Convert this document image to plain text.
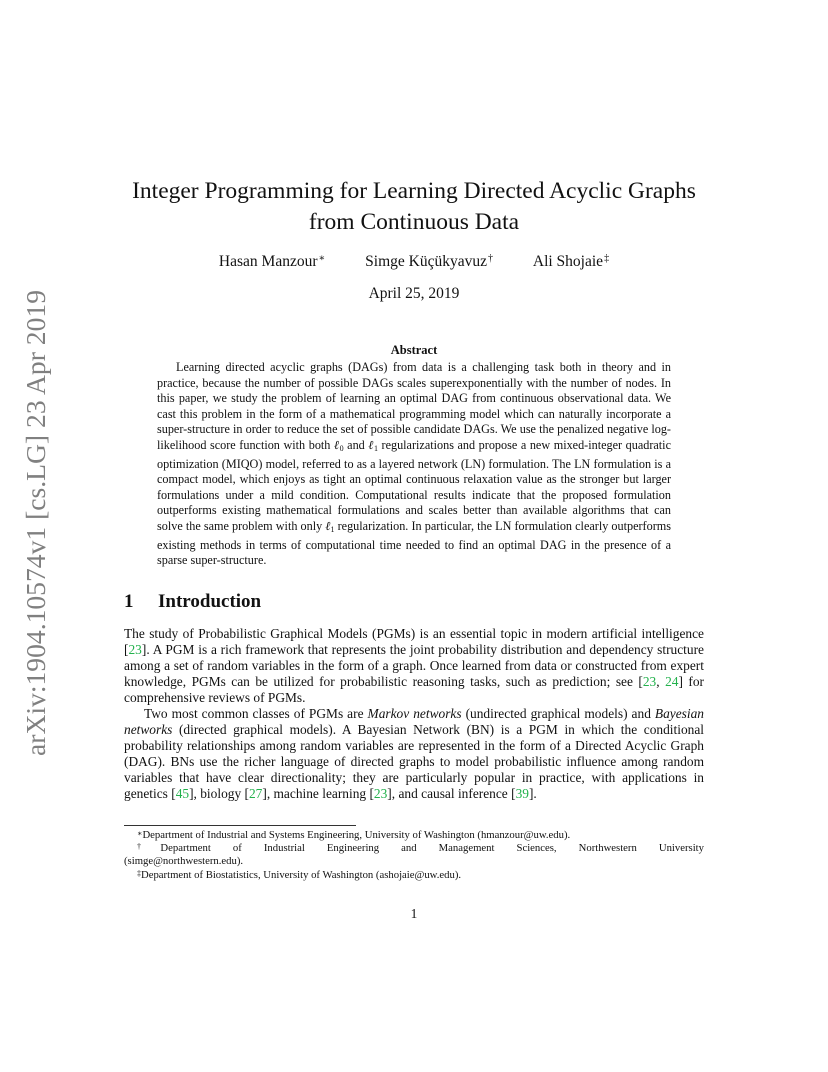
arXiv:1904.10574v1 [cs.LG] 23 Apr 2019
Integer Programming for Learning Directed Acyclic Graphs
from Continuous Data
Hasan Manzour∗	Simge Küçükyavuz†	Ali Shojaie‡
April 25, 2019
Abstract

Learning directed acyclic graphs (DAGs) from data is a challenging task both in theory and in practice, because the number of possible DAGs scales superexponentially with the number of nodes. In this paper, we study the problem of learning an optimal DAG from continuous observational data. We cast this problem in the form of a mathematical programming model which can naturally incorporate a super-structure in order to reduce the set of possible candidate DAGs. We use the penalized negative log-likelihood score function with both ℓ$_0$ and ℓ$_1$ regularizations and propose a new mixed-integer quadratic optimization (MIQO) model, referred to as a layered network (LN) formulation. The LN formulation is a compact model, which enjoys as tight an optimal continuous relaxation value as the stronger but larger formulations under a mild condition. Computational results indicate that the proposed formulation outperforms existing mathematical formulations and scales better than available algorithms that can solve the same problem with only ℓ$_1$ regularization. In particular, the LN formulation clearly outperforms existing methods in terms of computational time needed to find an optimal DAG in the presence of a sparse super-structure.

1 Introduction

The study of Probabilistic Graphical Models (PGMs) is an essential topic in modern artificial intelligence [23]. A PGM is a rich framework that represents the joint probability distribution and dependency structure among a set of random variables in the form of a graph. Once learned from data or constructed from expert knowledge, PGMs can be utilized for probabilistic reasoning tasks, such as prediction; see [23, 24] for comprehensive reviews of PGMs.

Two most common classes of PGMs are Markov networks (undirected graphical models) and Bayesian networks (directed graphical models). A Bayesian Network (BN) is a PGM in which the conditional probability relationships among random variables are represented in the form of a Directed Acyclic Graph (DAG). BNs use the richer language of directed graphs to model probabilistic influence among random variables that have clear directionality; they are particularly popular in practice, with applications in genetics [45], biology [27], machine learning [23], and causal inference [39].

∗Department of Industrial and Systems Engineering, University of Washington (hmanzour@uw.edu).

†Department of Industrial Engineering and Management Sciences, Northwestern University

(simge@northwestern.edu).

‡Department of Biostatistics, University of Washington (ashojaie@uw.edu).

1
